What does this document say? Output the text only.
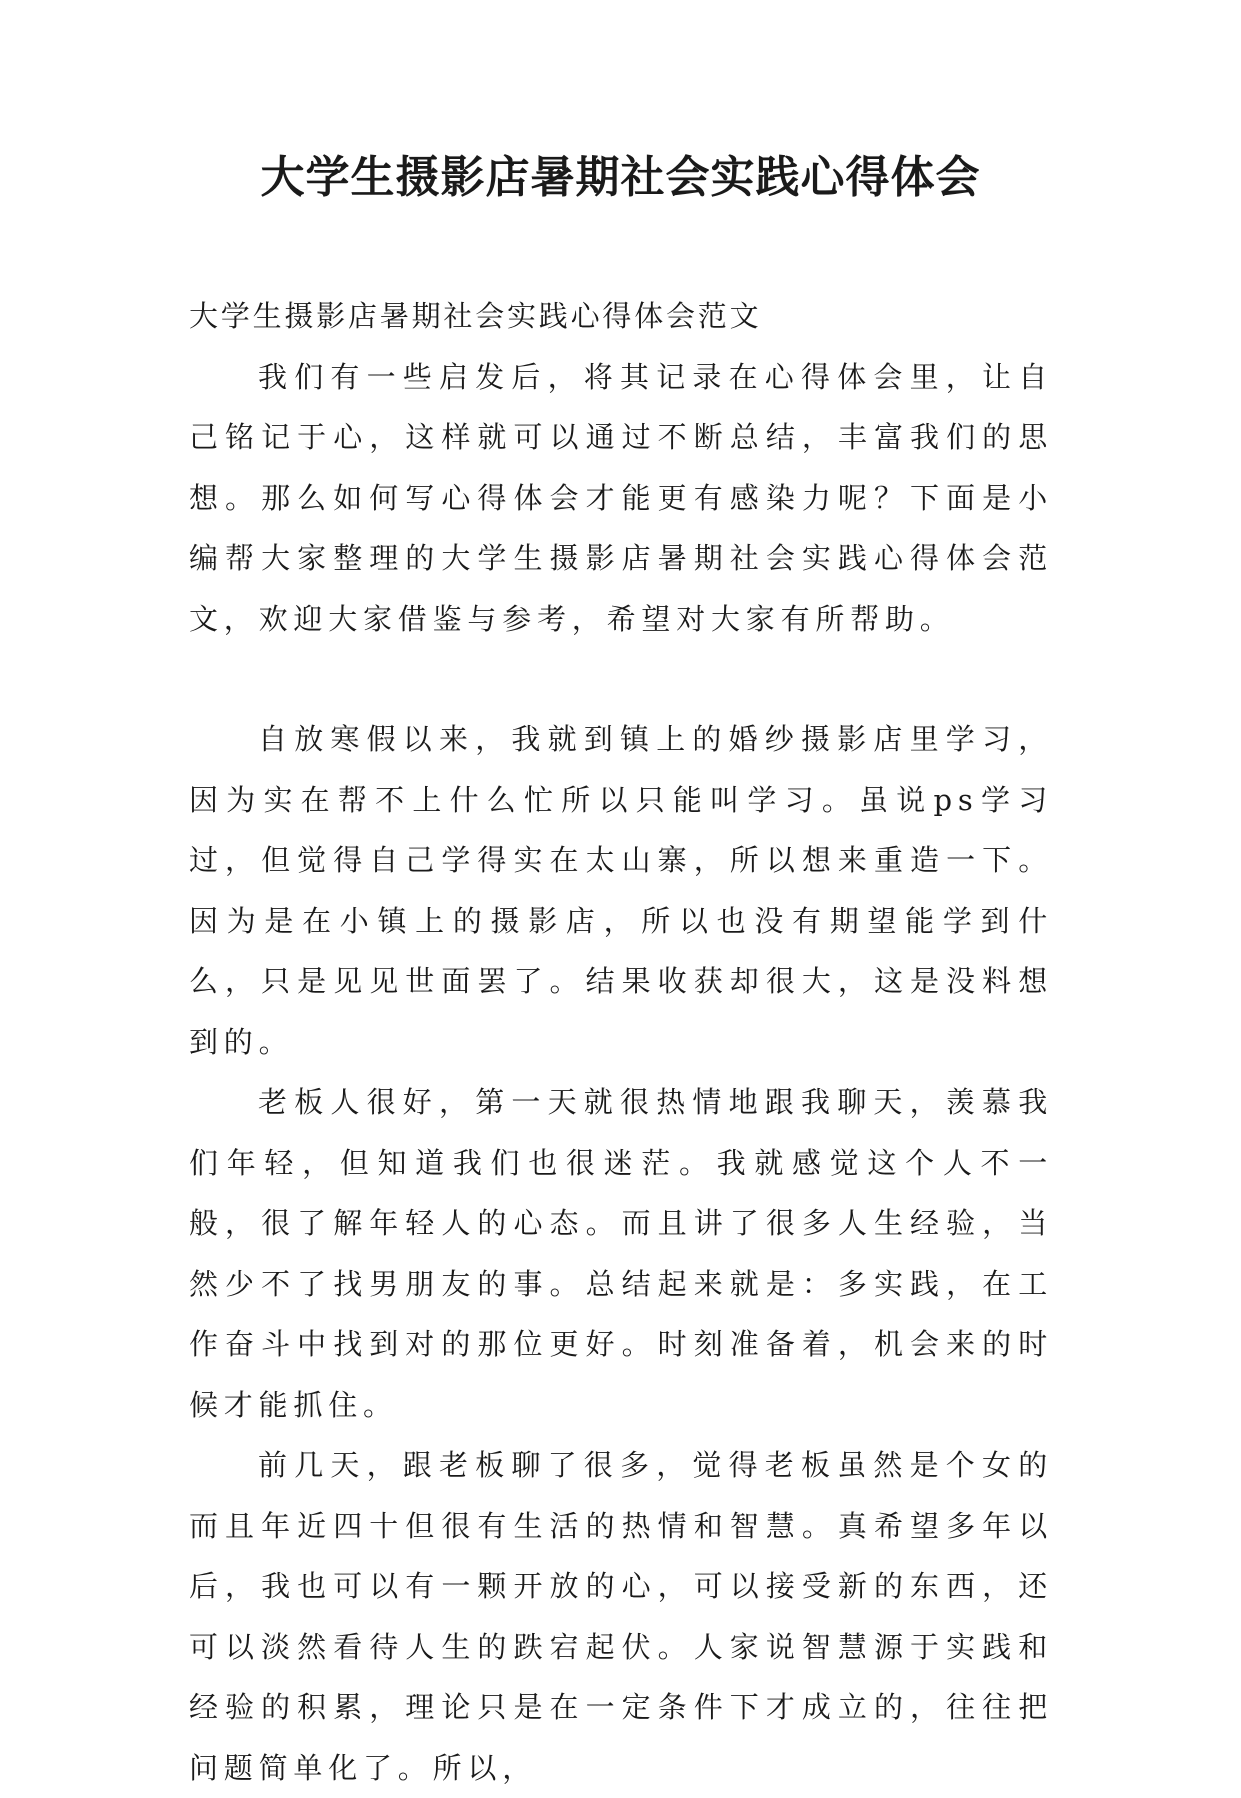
大学生摄影店暑期社会实践心得体会

大学生摄影店暑期社会实践心得体会范文

我们有一些启发后，将其记录在心得体会里，让自己铭记于心，这样就可以通过不断总结，丰富我们的思想。那么如何写心得体会才能更有感染力呢？下面是小编帮大家整理的大学生摄影店暑期社会实践心得体会范文，欢迎大家借鉴与参考，希望对大家有所帮助。

自放寒假以来，我就到镇上的婚纱摄影店里学习，因为实在帮不上什么忙所以只能叫学习。虽说ps学习过，但觉得自己学得实在太山寨，所以想来重造一下。因为是在小镇上的摄影店，所以也没有期望能学到什么，只是见见世面罢了。结果收获却很大，这是没料想到的。

老板人很好，第一天就很热情地跟我聊天，羡慕我们年轻，但知道我们也很迷茫。我就感觉这个人不一般，很了解年轻人的心态。而且讲了很多人生经验，当然少不了找男朋友的事。总结起来就是：多实践，在工作奋斗中找到对的那位更好。时刻准备着，机会来的时候才能抓住。

前几天，跟老板聊了很多，觉得老板虽然是个女的而且年近四十但很有生活的热情和智慧。真希望多年以后，我也可以有一颗开放的心，可以接受新的东西，还可以淡然看待人生的跌宕起伏。人家说智慧源于实践和经验的积累，理论只是在一定条件下才成立的，往往把问题简单化了。所以，
